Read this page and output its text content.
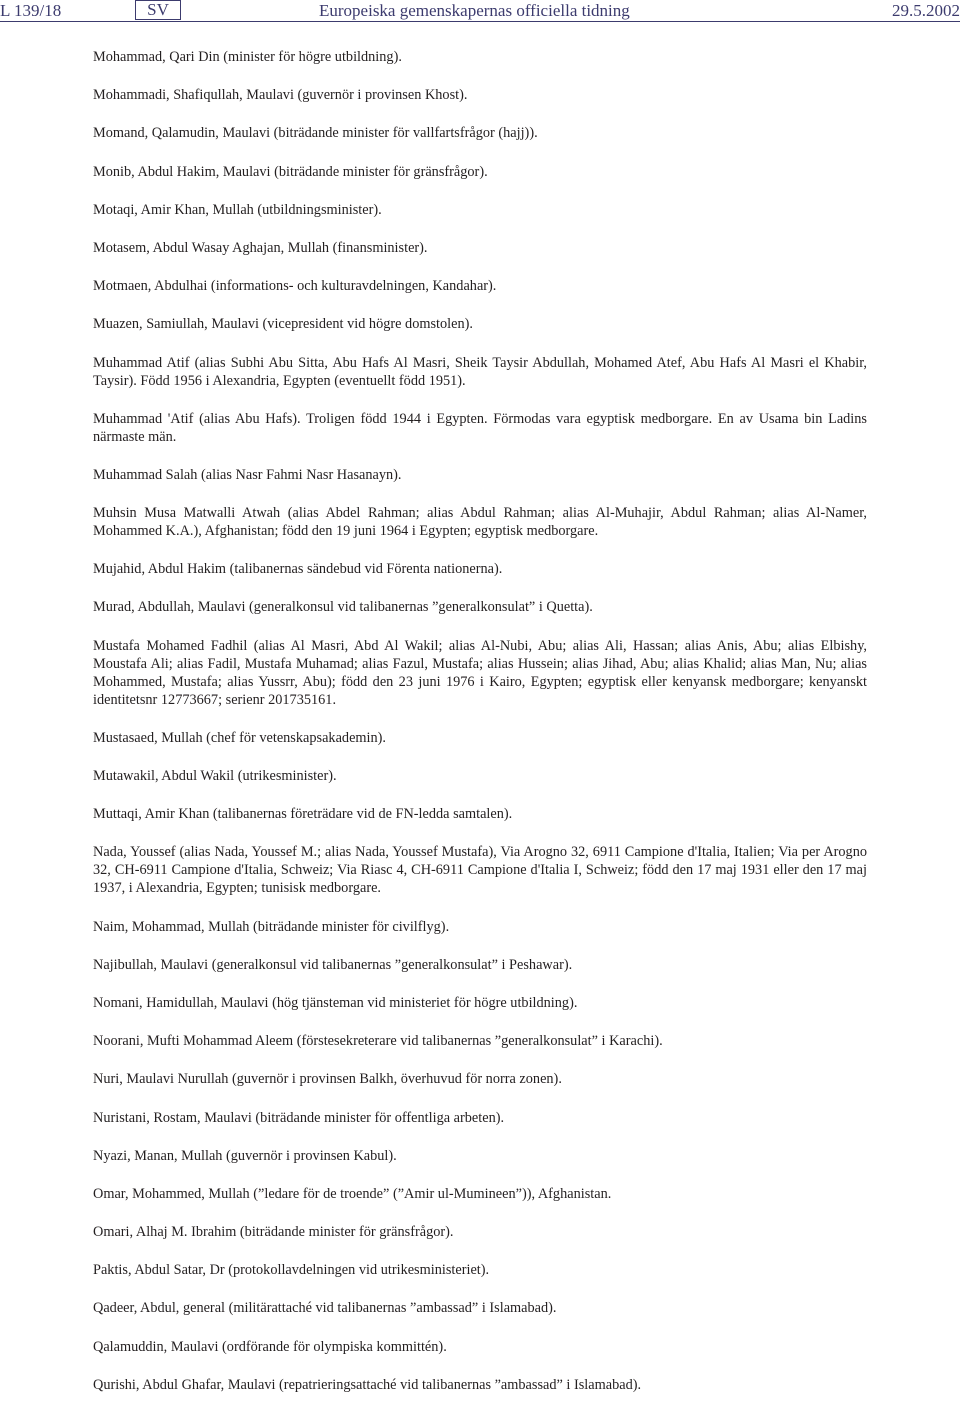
L 139/18	SV	Europeiska gemenskapernas officiella tidning	29.5.2002

Mohammad, Qari Din (minister för högre utbildning).

Mohammadi, Shafiqullah, Maulavi (guvernör i provinsen Khost).

Momand, Qalamudin, Maulavi (biträdande minister för vallfartsfrågor (hajj)).

Monib, Abdul Hakim, Maulavi (biträdande minister för gränsfrågor).

Motaqi, Amir Khan, Mullah (utbildningsminister).

Motasem, Abdul Wasay Aghajan, Mullah (finansminister).

Motmaen, Abdulhai (informations- och kulturavdelningen, Kandahar).

Muazen, Samiullah, Maulavi (vicepresident vid högre domstolen).

Muhammad Atif (alias Subhi Abu Sitta, Abu Hafs Al Masri, Sheik Taysir Abdullah, Mohamed Atef, Abu Hafs Al Masri el Khabir, Taysir). Född 1956 i Alexandria, Egypten (eventuellt född 1951).

Muhammad 'Atif (alias Abu Hafs). Troligen född 1944 i Egypten. Förmodas vara egyptisk medborgare. En av Usama bin Ladins närmaste män.

Muhammad Salah (alias Nasr Fahmi Nasr Hasanayn).

Muhsin Musa Matwalli Atwah (alias Abdel Rahman; alias Abdul Rahman; alias Al-Muhajir, Abdul Rahman; alias Al-Namer, Mohammed K.A.), Afghanistan; född den 19 juni 1964 i Egypten; egyptisk medborgare.

Mujahid, Abdul Hakim (talibanernas sändebud vid Förenta nationerna).

Murad, Abdullah, Maulavi (generalkonsul vid talibanernas ”generalkonsulat” i Quetta).

Mustafa Mohamed Fadhil (alias Al Masri, Abd Al Wakil; alias Al-Nubi, Abu; alias Ali, Hassan; alias Anis, Abu; alias Elbishy, Moustafa Ali; alias Fadil, Mustafa Muhamad; alias Fazul, Mustafa; alias Hussein; alias Jihad, Abu; alias Khalid; alias Man, Nu; alias Mohammed, Mustafa; alias Yussrr, Abu); född den 23 juni 1976 i Kairo, Egypten; egyptisk eller kenyansk medborgare; kenyanskt identitetsnr 12773667; serienr 201735161.

Mustasaed, Mullah (chef för vetenskapsakademin).

Mutawakil, Abdul Wakil (utrikesminister).

Muttaqi, Amir Khan (talibanernas företrädare vid de FN-ledda samtalen).

Nada, Youssef (alias Nada, Youssef M.; alias Nada, Youssef Mustafa), Via Arogno 32, 6911 Campione d'Italia, Italien; Via per Arogno 32, CH-6911 Campione d'Italia, Schweiz; Via Riasc 4, CH-6911 Campione d'Italia I, Schweiz; född den 17 maj 1931 eller den 17 maj 1937, i Alexandria, Egypten; tunisisk medborgare.

Naim, Mohammad, Mullah (biträdande minister för civilflyg).

Najibullah, Maulavi (generalkonsul vid talibanernas ”generalkonsulat” i Peshawar).

Nomani, Hamidullah, Maulavi (hög tjänsteman vid ministeriet för högre utbildning).

Noorani, Mufti Mohammad Aleem (förstesekreterare vid talibanernas ”generalkonsulat” i Karachi).

Nuri, Maulavi Nurullah (guvernör i provinsen Balkh, överhuvud för norra zonen).

Nuristani, Rostam, Maulavi (biträdande minister för offentliga arbeten).

Nyazi, Manan, Mullah (guvernör i provinsen Kabul).

Omar, Mohammed, Mullah (”ledare för de troende” (”Amir ul-Mumineen”)), Afghanistan.

Omari, Alhaj M. Ibrahim (biträdande minister för gränsfrågor).

Paktis, Abdul Satar, Dr (protokollavdelningen vid utrikesministeriet).

Qadeer, Abdul, general (militärattaché vid talibanernas ”ambassad” i Islamabad).

Qalamuddin, Maulavi (ordförande för olympiska kommittén).

Qurishi, Abdul Ghafar, Maulavi (repatrieringsattaché vid talibanernas ”ambassad” i Islamabad).
